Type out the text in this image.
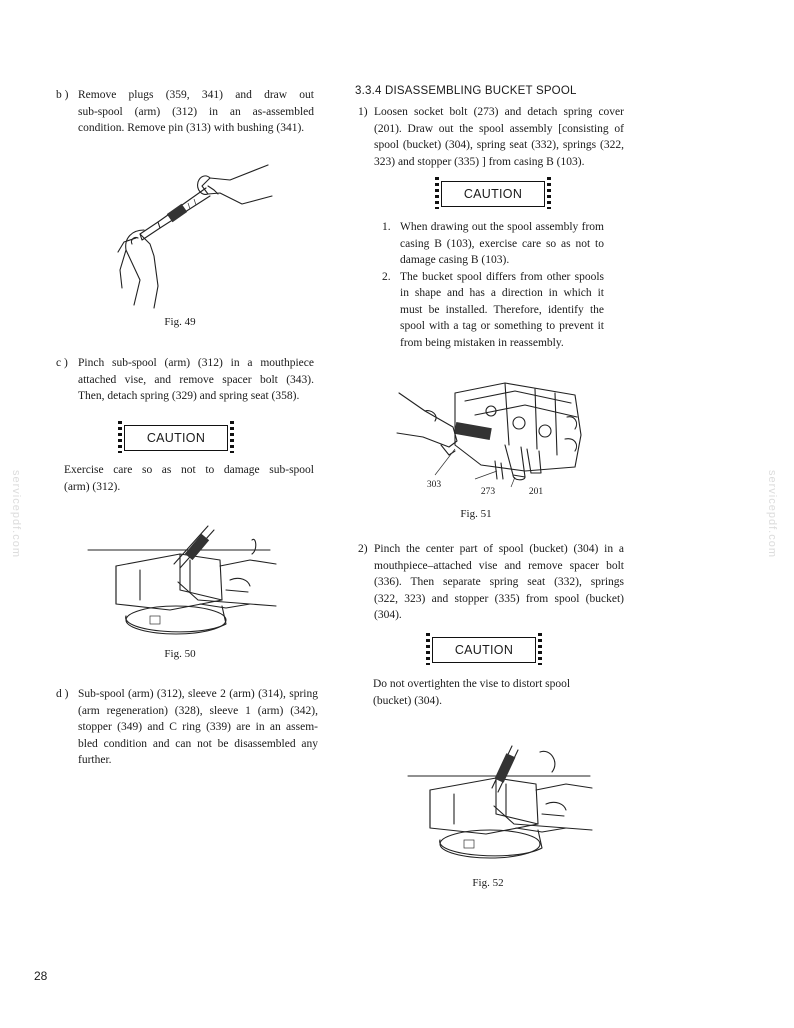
b ) Remove plugs (359, 341) and draw out
sub-spool (arm) (312) in an as-assembled
condition. Remove pin (313) with bushing (341).
Fig. 49
c ) Pinch sub-spool (arm) (312) in a mouthpiece
attached vise, and remove spacer bolt (343).
Then, detach spring (329) and spring seat (358).
CAUTION
Exercise care so as not to damage sub-spool
(arm) (312).
Fig. 50
d ) Sub-spool (arm) (312), sleeve 2 (arm) (314), spring
(arm regeneration) (328), sleeve 1 (arm) (342),
stopper (349) and C ring (339) are in an assem-
bled condition and can not be disassembled any
further.
3.3.4 DISASSEMBLING BUCKET SPOOL
1) Loosen socket bolt (273) and detach spring cover
(201). Draw out the spool assembly [consisting of
spool (bucket) (304), spring seat (332), springs (322,
323) and stopper (335) ] from casing B (103).
CAUTION
1. When drawing out the spool assembly from
casing B (103), exercise care so as not to
damage casing B (103).
2. The bucket spool differs from other spools
in shape and has a direction in which it
must be installed. Therefore, identify the
spool with a tag or something to prevent it
from being mistaken in reassembly.
303
273	201
Fig. 51
2) Pinch the center part of spool (bucket) (304) in a
mouthpiece–attached vise and remove spacer bolt
(336). Then separate spring seat (332), springs
(322, 323) and stopper (335) from spool (bucket)
(304).
CAUTION
Do not overtighten the vise to distort spool
(bucket) (304).
Fig. 52
28
servicepdf.com	servicepdf.com
